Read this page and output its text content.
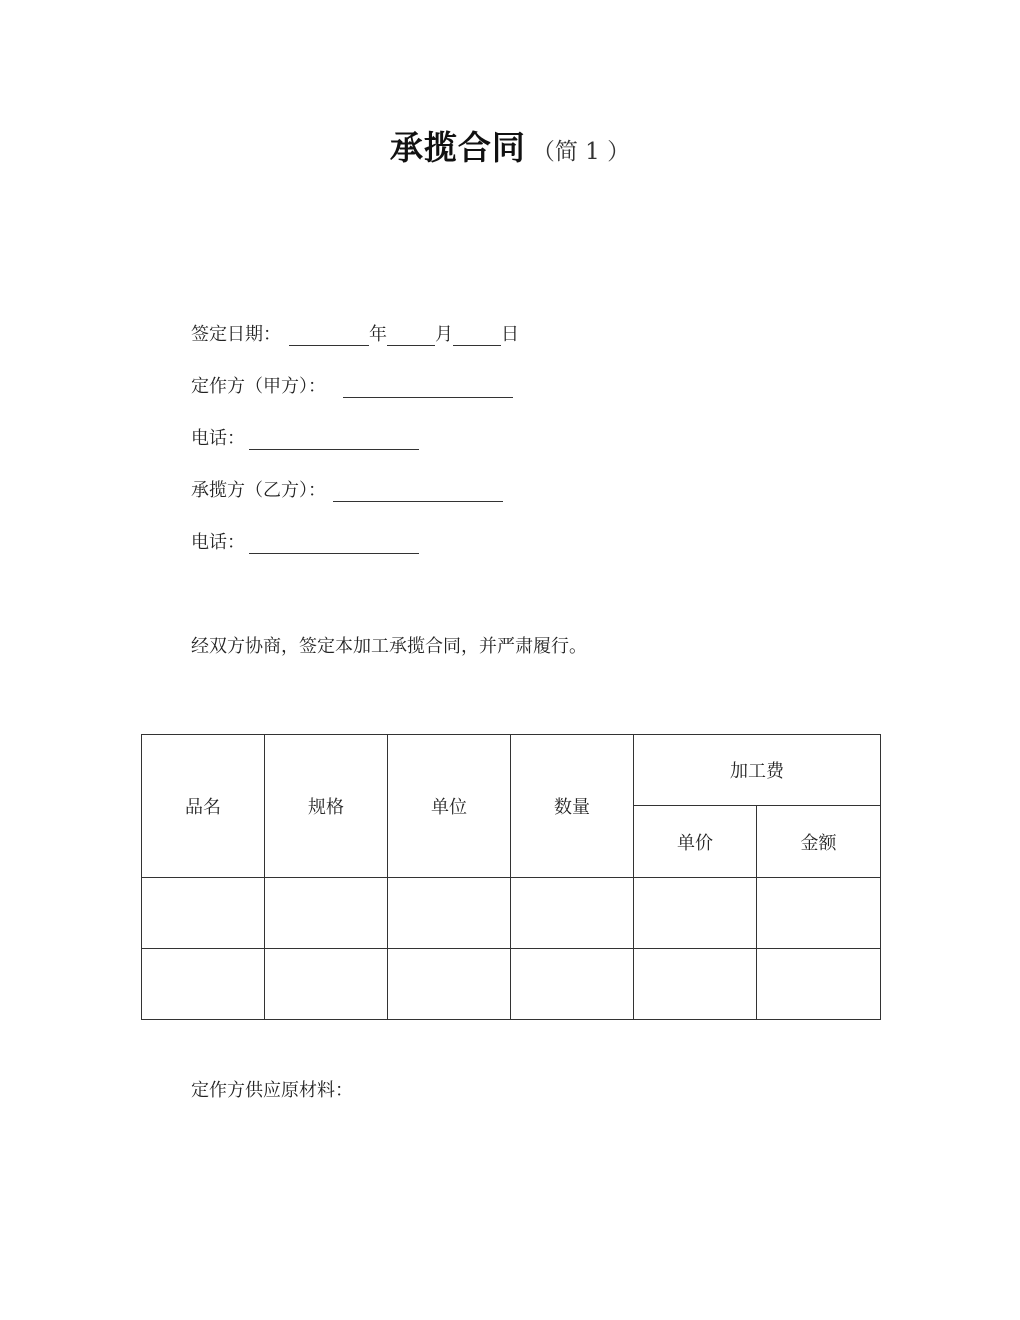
承揽合同 （简 1 ）
签定日期：	年	月	日
定作方（甲方）：
电话：
承揽方（乙方）：
电话：
经双方协商，签定本加工承揽合同，并严肃履行。
品名	规格	单位	数量	加工费	
				单价	金额

定作方供应原材料：
